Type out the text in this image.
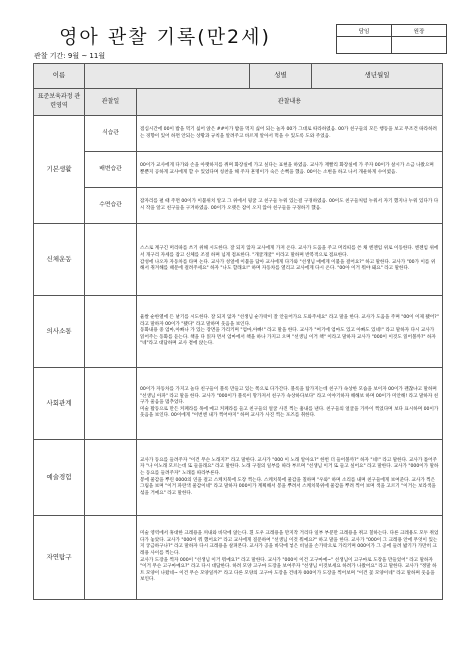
영아 관찰 기록(만2세)	담임	원장

관찰 기간: 9월 ~ 11월
이름			성별	생년월일
표준보육과정 관련영역	관찰일	관찰내용		
기본생활	식습관	점심시간에 00이 밥을 먹기 싫어 앉은 ##이가 밥을 먹지 싫어 되는 놀자 00가 그대로 따라하였음. 00가 친구들의 모든 행동을 보고 무조건 따라하려는 경향이 있어 하면 안되는 상황과 규칙을 알려주고 바르게 알아서 먹을 수 있도록 도와 주었음.		
	배변습관	00이가 교사에게 다가와 손을 아랫하지를 쥐며 화장실에 가고 싶다는 표현을 하였음. 교사가 재빨리 화장실에 가 주자 00이가 살시가 소금 나왔으며 뿐뿐지 공하게 교사에게 할 수 있었다며 칭찬을 해 주자 흔명이가 숙은 손뼉을 했음. 00이는 소변을 하고 나서 개운하게 수이였음.		
	수면습관	잠자리를 펼 때 주면 00이가 이불위치 알고 그 위에서 뒹굴 고 친구들 누워 있는걸 구경하였음. 00이도 친구들처럼 누워서 자기 했지나 누워 있다가 다시 작을 알고 친구들을 구겨하였음. 00이가 오랫은 잠이 오지 않아 친구들을 구경하기 했음.		
신체운동		스스로 계구긴 머리따를 쓰기 위해 시도한다. 잘 되지 않자 교사에게 가져 온다. 교사가 도움을 주고 머리띠를 쓴 채 엔젠임 위로 이동한다. 엔젠임 위에서 개구리 자세를 잡고 신체를 조절 하며 넘게 점프한다. "개굴개굴" 이라고 말하며 반복적으로 점프한다.
감성에 나오자 자동차를 타며 논다. 교사가 성얼에 이불을 담아 교사에게 다가와 "선생님 애에게 이불을 걸어요?" 하고 말한다. 교사가 "00가 이를 위해서 취겨해를 때문에 걸려주세요" 하자 "나도 할래요!" 하며 자동차를 열리고 교사에게 다시 온다. "00아 이거 뭐야 돼요" 라고 말한다.		
의사소통		율쌀 순한열에 든 낱기를 시도한다. 잘 되지 않자 "선생님 순가락이 잘 안들어가요 도와주세요" 라고 말을 한다. 교사가 도움을 주며 "00이 이제 됐어?" 라고 말하자 00이가 "됐다" 라고 말하며 웃음을 보인다.
동화내용 중 엄마,아빠나 가 있는 장면을 가리키며 "엄마,아빠!" 라고 말을 한다. 교사가 "여기에 엄마도 있고 아빠도 있네!" 라고 말하자 다시 교사가 읽어주는 동화를 듣는다. 책을 다 읽자 면서 엄마에서 책을 하나 가지고 오며 "선생님 이거 책" 이라고 말하자 교사가 "000이 이것도 읽어볼까?" 하자 "네"라고 대답하며 교사 곁에 앉는다.		
사회관계		00이가 자동차를 가지고 놀다 친구들이 블록 만들고 있는 쪽으로 다가간다. 블록을 탑가지는데 친구가 속상한 모습을 보이자 00이가 괜찮냐고 말하며 "선생님 아파" 라고 말을 한다. 교사가 "000이가 블록이 망가져서 친구가 속상하다보다" 라고 이야기하자 해해보 하며 00이가 미안해! 라고 말하자 친구가 울음을 멈추었다.
미술 활동으로 만든 커페라를 목에 메고 커페라를 들고 친구들의 얼굴 사진 찍는 흉내를 낸다. 친구들의 얼굴을 가까이 찍었다며 보다 표시하며 00이가 웃음을 보인다. 00이에게 "이번엔 내가 찍어야지" 하며 교사가 사진 찍는 포즈를 취한다.		
예술경험		교사가 동요를 들려주자 "이건 무슨 노래지?" 라고 말한다. 교사가 "000 이 노래 알아요?" 한번 더 들어볼까?" 하자 "네!" 라고 말한다. 교사가 틀어주자 "나 이노래 모르는데 또 들을래요" 라고 말한다. 노래 구절의 일부를 따라 부르며 "선생님 이거 또 들고 싶어요" 라고 말한다. 교사가 "000이가 말하는 동요를 들려주자" 노래를 따라부른다.
봉에 물감을 뿌린 0000의 연을 걸고 스케치북에 도장 찍는다. 스케치북에 물감을 칠하며 "우와" 하며 소리를 내며 친구들에게 보여준다. 교사가 찍은 그림을 보며 "이거 파란색 물감이네" 라고 말하자 000이가 계획해서 봉을 뿌려서 스케치북위에 물감을 뿌려 찍어 보며 색을 고르기 "이거는 보라색을 섞을 거예요" 라고 말한다.		
자연탐구		미술 영역에서 휴대한 크레용을 꺼내와 바닥에 앉는다. 흰 도우 크레용을 만지작 거리다 일부 부분만 크레용을 쥐고 칠하는다. 다른 크레용도 모두 쥐었다가 놓았다. 교사가 "000이 뭐 했어요?" 라고 교사에게 질문하여 "선생님 이것 뭐예요?" 하고 말을 한다. 교사가 "000이 그 크레용 안에 무엇이 있는지 궁금하구나?" 라고 말하자 다시 크레용을 살펴본다. 교사가 공을 바닥에 넣은 비닐을 손가락으로 가리키며 000이가 그 공에 들려 밟기가 가만히 크레용 사이를 찍는다.
교사가 도장을 찍자 000이 "선생님 이거 뭐예요?" 라고 말한다. 교사가 "000이 이건 고구마예~" 선생님이 고구마로 도장을 만들었어" 라고 말하자 "이거 무슨 고구마예요?" 라고 다시 대답한다. 하려 모양 고구마 도장을 보여주자 "선생님 이것보세요 하려가 나왔어요" 라고 말한다. 교사가 "정말 하트 모양이 나왔네~ 이건 무슨 모양일까?" 라고 다른 모양의 고구마 도장을 건네자 000이가 도장을 찍어보며 "이건 꽃 모양이네" 라고 말하며 웃음을 보인다.		
